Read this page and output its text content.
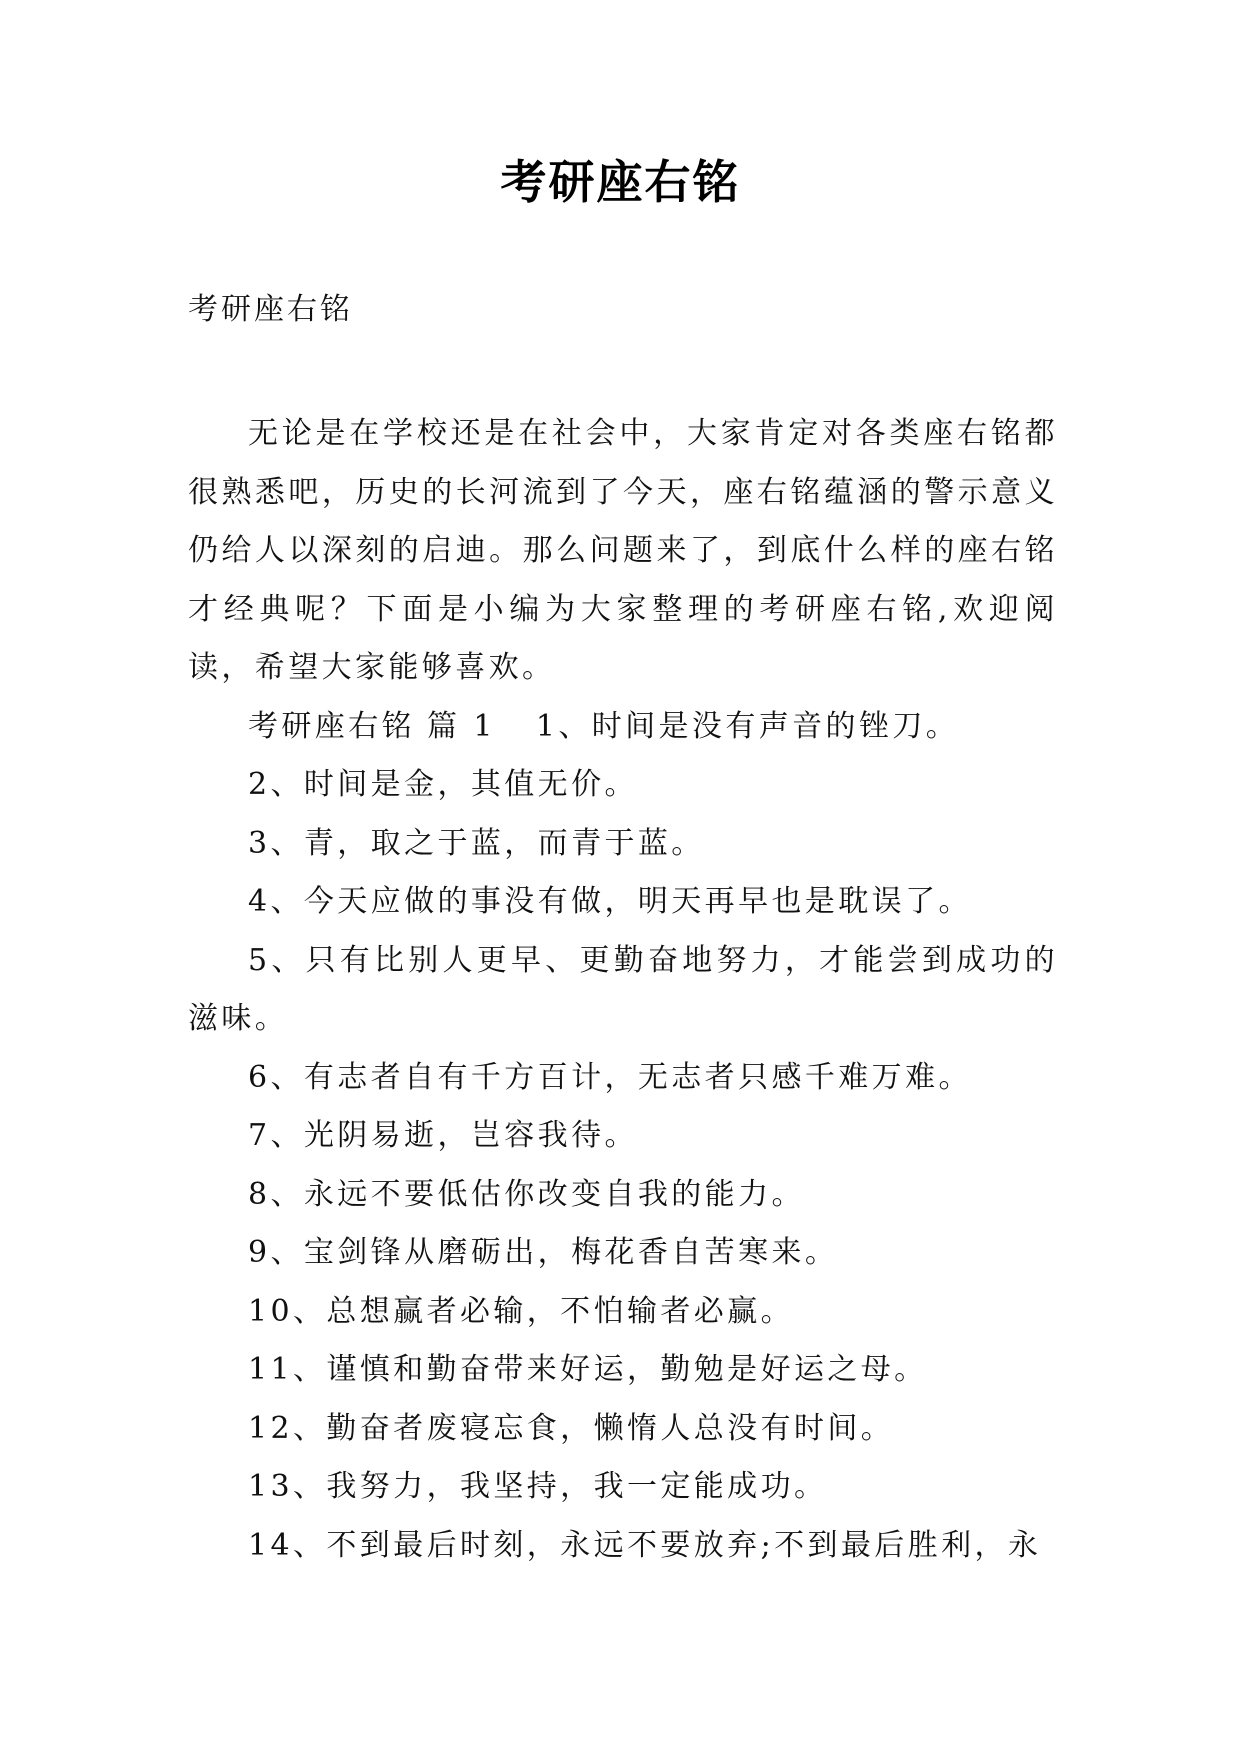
考研座右铭
考研座右铭

无论是在学校还是在社会中，大家肯定对各类座右铭都很熟悉吧，历史的长河流到了今天，座右铭蕴涵的警示意义仍给人以深刻的启迪。那么问题来了，到底什么样的座右铭才经典呢？下面是小编为大家整理的考研座右铭,欢迎阅读，希望大家能够喜欢。

考研座右铭 篇 1 1、时间是没有声音的锉刀。

2、时间是金，其值无价。

3、青，取之于蓝，而青于蓝。

4、今天应做的事没有做，明天再早也是耽误了。

5、只有比别人更早、更勤奋地努力，才能尝到成功的滋味。

6、有志者自有千方百计，无志者只感千难万难。

7、光阴易逝，岂容我待。

8、永远不要低估你改变自我的能力。

9、宝剑锋从磨砺出，梅花香自苦寒来。

10、总想赢者必输，不怕输者必赢。

11、谨慎和勤奋带来好运，勤勉是好运之母。

12、勤奋者废寝忘食，懒惰人总没有时间。

13、我努力，我坚持，我一定能成功。

14、不到最后时刻，永远不要放弃;不到最后胜利，永
